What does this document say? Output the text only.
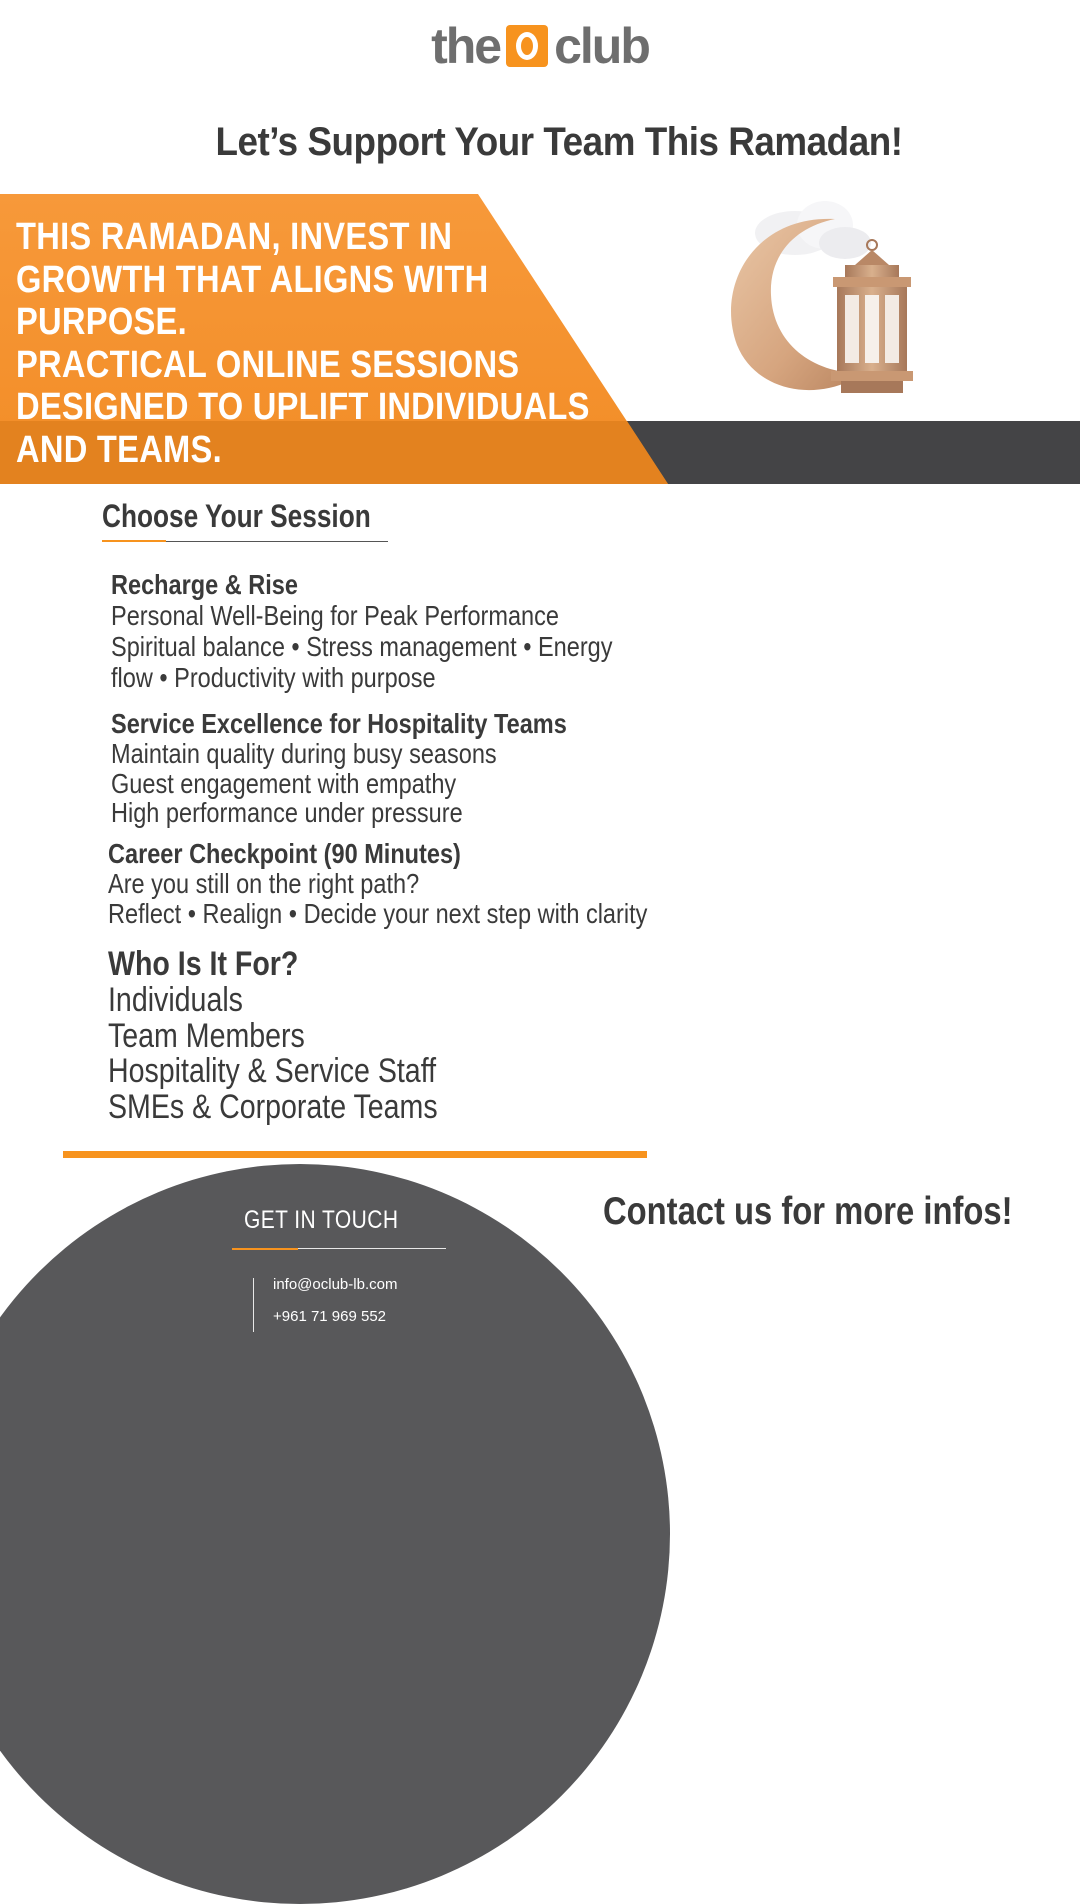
the club
Let’s Support Your Team This Ramadan!
THIS RAMADAN, INVEST IN
GROWTH THAT ALIGNS WITH
PURPOSE.
PRACTICAL ONLINE SESSIONS
DESIGNED TO UPLIFT INDIVIDUALS
AND TEAMS.
Choose Your Session
Recharge & Rise
Personal Well-Being for Peak Performance
Spiritual balance • Stress management • Energy
flow • Productivity with purpose
Service Excellence for Hospitality Teams
Maintain quality during busy seasons
Guest engagement with empathy
High performance under pressure
Career Checkpoint (90 Minutes)
Are you still on the right path?
Reflect • Realign • Decide your next step with clarity
Who Is It For?
Individuals
Team Members
Hospitality & Service Staff
SMEs & Corporate Teams
GET IN TOUCH
info@oclub-lb.com
+961 71 969 552
Contact us for more infos!
